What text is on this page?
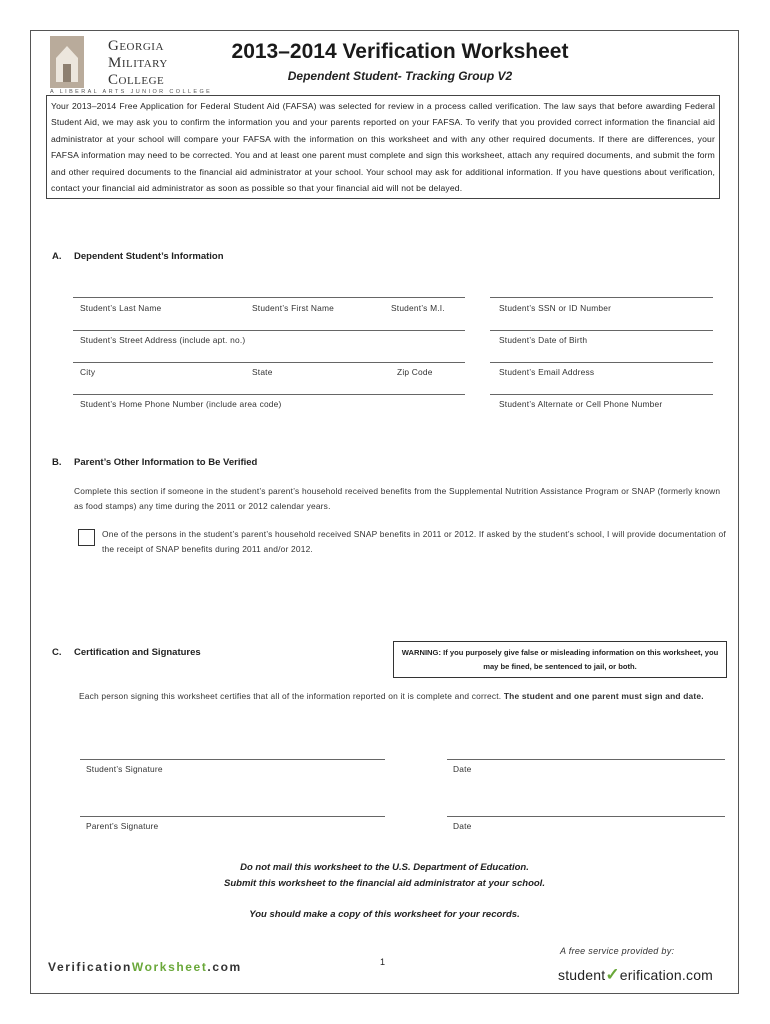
Georgia
Military
College
A LIBERAL ARTS JUNIOR COLLEGE
2013–2014 Verification Worksheet
Dependent Student- Tracking Group V2
Your 2013–2014 Free Application for Federal Student Aid (FAFSA) was selected for review in a process called verification. The law says that before awarding Federal Student Aid, we may ask you to confirm the information you and your parents reported on your FAFSA. To verify that you provided correct information the financial aid administrator at your school will compare your FAFSA with the information on this worksheet and with any other required documents. If there are differences, your FAFSA information may need to be corrected. You and at least one parent must complete and sign this worksheet, attach any required documents, and submit the form and other required documents to the financial aid administrator at your school. Your school may ask for additional information. If you have questions about verification, contact your financial aid administrator as soon as possible so that your financial aid will not be delayed.
A. Dependent Student’s Information
Student’s Last Name	Student’s First Name	Student’s M.I.	Student’s SSN or ID Number
Student’s Street Address (include apt. no.)	Student’s Date of Birth
City	State	Zip Code	Student’s Email Address
Student’s Home Phone Number (include area code)	Student’s Alternate or Cell Phone Number
B. Parent’s Other Information to Be Verified
Complete this section if someone in the student’s parent’s household received benefits from the Supplemental Nutrition Assistance Program or SNAP (formerly known as food stamps) any time during the 2011 or 2012 calendar years.
One of the persons in the student’s parent’s household received SNAP benefits in 2011 or 2012. If asked by the student’s school, I will provide documentation of the receipt of SNAP benefits during 2011 and/or 2012.
C. Certification and Signatures	WARNING: If you purposely give false or misleading information on this worksheet, you may be fined, be sentenced to jail, or both.
Each person signing this worksheet certifies that all of the information reported on it is complete and correct. The student and one parent must sign and date.
Student’s Signature	Date
Parent’s Signature	Date
Do not mail this worksheet to the U.S. Department of Education.
Submit this worksheet to the financial aid administrator at your school.
You should make a copy of this worksheet for your records.
VerificationWorksheet.com	1
A free service provided by:
student✓erification.com
